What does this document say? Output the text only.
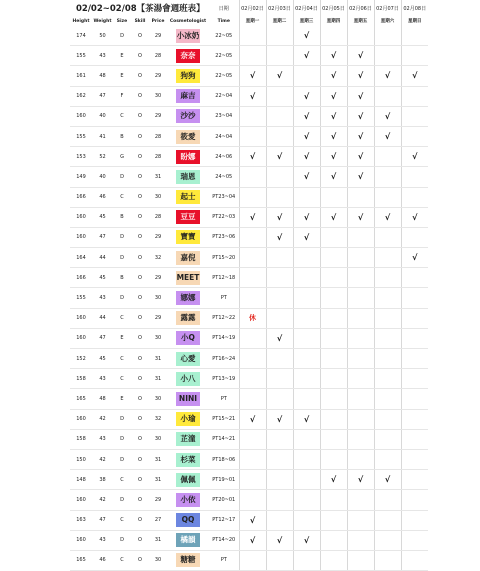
02/02~02/08【茶湯會週班表】						日期	02月02日	02月03日	02月04日	02月05日	02月06日	02月07日	02月08日
Height	Weight	Size	Skill	Price	Cosmetologist	Time	星期一	星期二	星期三	星期四	星期五	星期六	星期日
174	50	D	O	29	小冰奶	22~05			√				
155	43	E	O	28	奈奈	22~05			√	√	√		
161	48	E	O	29	狗狗	22~05	√	√		√	√	√	√
162	47	F	O	30	麻吉	22~04	√		√	√	√		
160	40	C	O	29	沙沙	23~04			√	√	√	√	
155	41	B	O	28	筱愛	24~04			√	√	√	√	
153	52	G	O	28	盼娜	24~06	√	√	√	√	√		√
149	40	D	O	31	瑞恩	24~05			√	√	√		
166	46	C	O	30	起士	PT23~04							
160	45	B	O	28	豆豆	PT22~03	√	√	√	√	√	√	√
160	47	D	O	29	寶寶	PT23~06		√	√				
164	44	D	O	32	嘉倪	PT15~20							√
166	45	B	O	29	MEET	PT12~18							
155	43	D	O	30	娜娜	PT							
160	44	C	O	29	露露	PT12~22	休						
160	47	E	O	30	小Q	PT14~19		√					
152	45	C	O	31	心愛	PT16~24							
158	43	C	O	31	小八	PT13~19							
165	48	E	O	30	NINI	PT							
160	42	D	O	32	小瑜	PT15~21	√	√	√				
158	43	D	O	30	芷潼	PT14~21							
150	42	D	O	31	杉菜	PT18~06							
148	38	C	O	31	佩佩	PT19~01				√	√	√	
160	42	D	O	29	小依	PT20~01							
163	47	C	O	27	QQ	PT12~17	√						
160	43	D	O	31	橘韻	PT14~20	√	√	√				
165	46	C	O	30	糖糖	PT							
